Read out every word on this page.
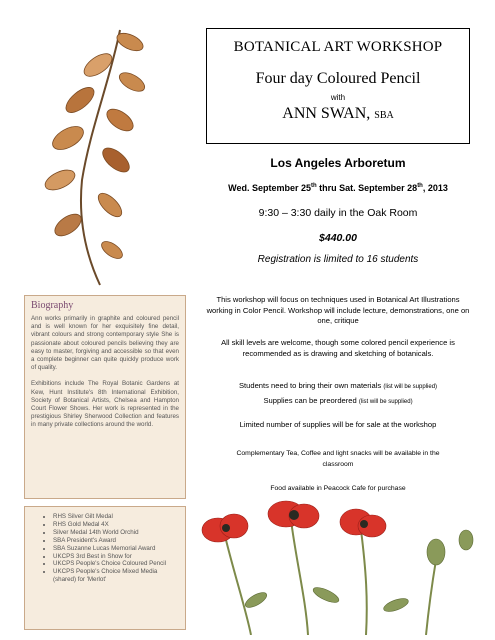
BOTANICAL ART WORKSHOP
Four day Coloured Pencil
with
ANN SWAN, SBA
Los Angeles Arboretum
Wed. September 25th thru Sat. September 28th, 2013
9:30 – 3:30 daily in the Oak Room
$440.00
Registration is limited to 16 students
This workshop will focus on techniques used in Botanical Art Illustrations working in Color Pencil. Workshop will include lecture, demonstrations, one on one, critique
All skill levels are welcome, though some colored pencil experience is recommended as is drawing and sketching of botanicals.
Students need to bring their own materials (list will be supplied)
Supplies can be preordered (list will be supplied)
Limited number of supplies will be for sale at the workshop
Complementary Tea, Coffee and light snacks will be available in the classroom
Food available in Peacock Cafe for purchase
Biography

Ann works primarily in graphite and coloured pencil and is well known for her exquisitely fine detail, vibrant colours and strong contemporary style She is passionate about coloured pencils believing they are easy to master, forgiving and accessible so that even a complete beginner can quite quickly produce work of quality.

Exhibitions include The Royal Botanic Gardens at Kew, Hunt Institute's 8th International Exhibition, Society of Botanical Artists, Chelsea and Hampton Court Flower Shows. Her work is represented in the prestigious Shirley Sherwood Collection and features in many private collections around the world.

• RHS Silver Gilt Medal
• RHS Gold Medal 4X
• Silver Medal 14th World Orchid
• SBA President's Award
• SBA Suzanne Lucas Memorial Award
• UKCPS 3rd Best in Show for
• UKCPS People's Choice Coloured Pencil
• UKCPS People's Choice Mixed Media (shared) for 'Merlot'
